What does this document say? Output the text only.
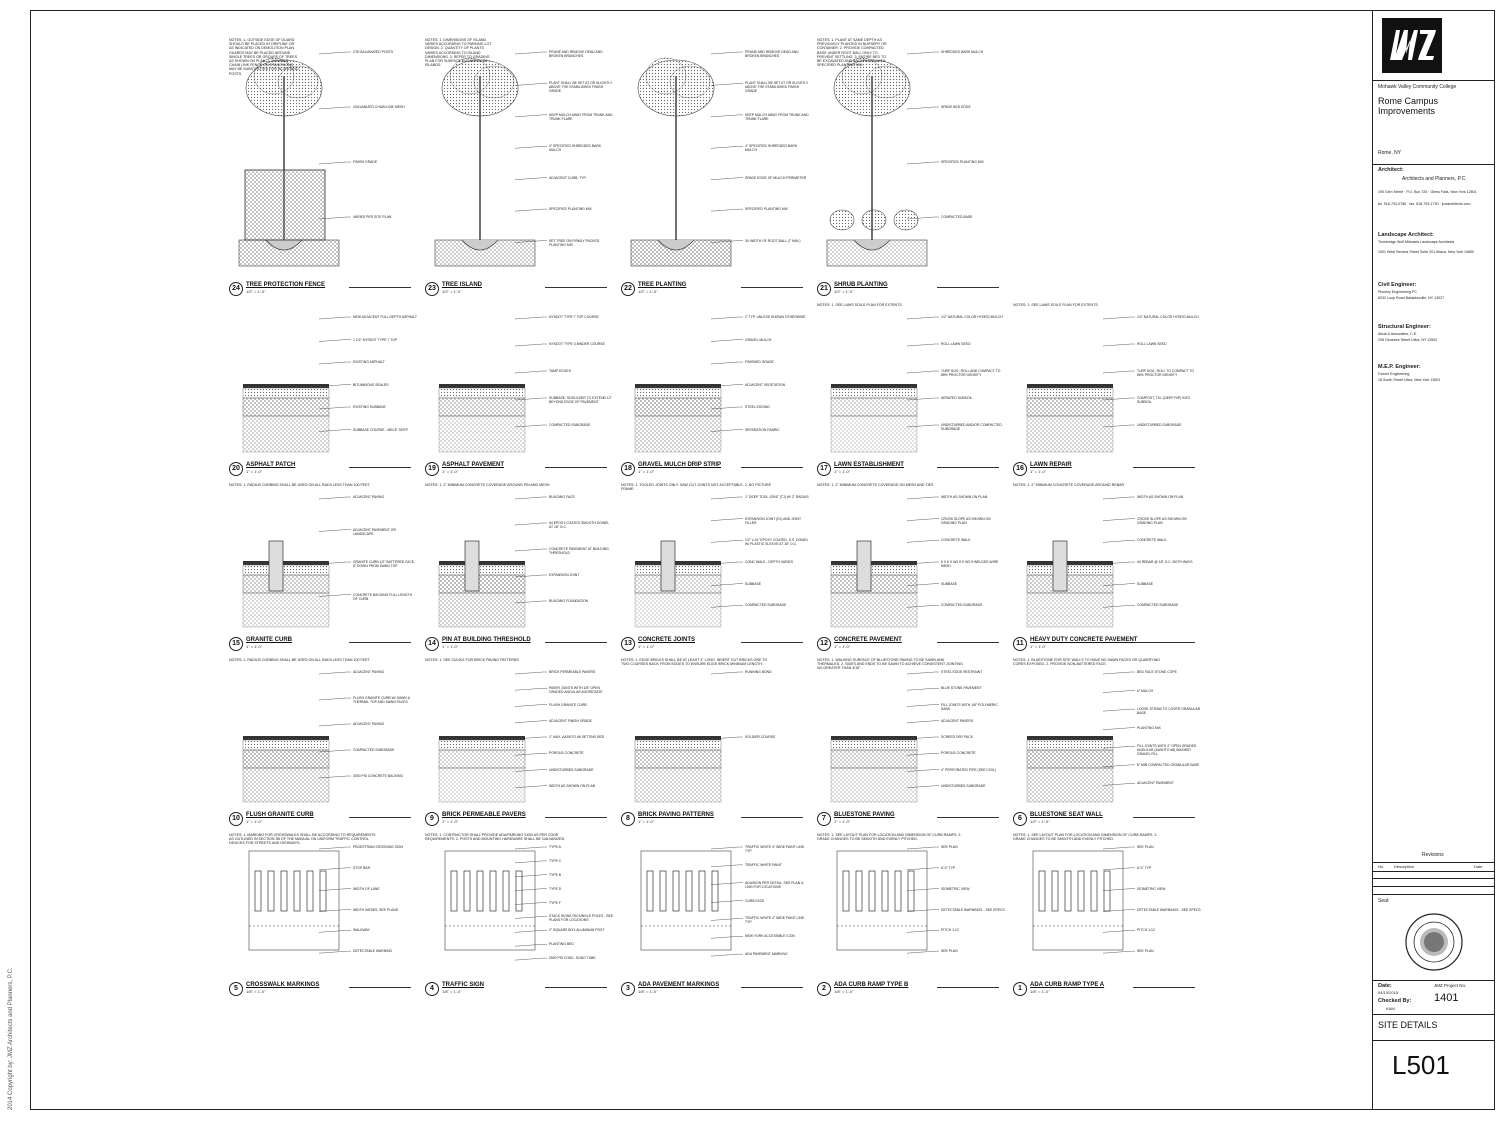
2014 Copyright by: JMZ Architects and Planners, P.C.
NOTES: 1. OUTSIDE EDGE OF GUARD SHOULD BE PLACED AT DRIPLINE OR AS INDICATED ON DEMOLITION PLAN. GUARDS MAY BE PLACED AROUND SINGLE TREES OR GROUPS OF TREES AS SHOWN ON PLAN. 2. MOVABLE CHAIN LINK FENCE ON STANCHIONS MAY BE SUBSTITUTED FOR IN-GROUND POSTS.
2"Ø GALVANIZED POSTS
GALVANIZED CHAIN LINK MESH
FINISH GRADE
VARIES PER SITE PLAN
24	TREE PROTECTION FENCE
1/2" = 1'-0"
NOTES: 1. DIMENSIONS OF ISLAND VARIES ACCORDING TO PARKING LOT DESIGN. 2. QUANTITY OF PLANTS VARIES ACCORDING TO ISLAND DIMENSIONS. 3. REFER TO GRADING PLAN FOR SURFACE ELEVATION OF ISLANDS.
PRUNE AND REMOVE DEAD AND BROKEN BRANCHES
PLANT SHALL BE SET AT OR SLIGHTLY ABOVE THE STABILISHED FINISH GRADE
KEEP MULCH AWAY FROM TRUNK AND TRUNK FLARE
4" SPECIFIED SHREDDED BARK MULCH
ADJACENT CURB, TYP.
SPECIFIED PLANTING MIX
SET TREE ON FIRMLY PACKED PLANTING MIX
23	TREE ISLAND
1/2" = 1'-0"
PRUNE AND REMOVE DEAD AND BROKEN BRANCHES
PLANT SHALL BE SET AT OR SLIGHTLY ABOVE THE STABILISHED FINISH GRADE
KEEP MULCH AWAY FROM TRUNK AND TRUNK FLARE
4" SPECIFIED SHREDDED BARK MULCH
SPADE EDGE OF MULCH PERIMETER
SPECIFIED PLANTING MIX
3X WIDTH OF ROOT BALL (7' MIN.)
22	TREE PLANTING
1/2" = 1'-0"
NOTES: 1. PLANT AT SAME DEPTH AS PREVIOUSLY PLANTED IN NURSERY OR CONTAINER. 2. PROVIDE COMPACTED BASE UNDER ROOT BALL ONLY TO PREVENT SETTLING. 3. ENTIRE BED TO BE EXCAVATED AND BACKFILLED WITH SPECIFIED PLANTING MIX.
SHREDDED BARK MULCH
SPADE BED EDGE
SPECIFIED PLANTING MIX
COMPACTED BASE
21	SHRUB PLANTING
1/2" = 1'-0"
NEW ADJACENT FULL DEPTH ASPHALT
1 1/2" NYSDOT TYPE 7 TOP
EXISTING ASPHALT
BITUMINOUS SEALER
EXISTING SUBBASE
SUBBASE COURSE - MIN 8" DEEP
20	ASPHALT PATCH
1" = 1'-0"
NYSDOT TYPE 7 TOP COURSE
NYSDOT TYPE 3 BINDER COURSE
TAMP EDGES
SUBBASE, SHOULDER TO EXTEND 12" BEYOND EDGE OF PAVEMENT
COMPACTED SUBGRADE
19	ASPHALT PAVEMENT
1" = 1'-0"
2' TYP. UNLESS SHOWN OTHERWISE
GRAVEL MULCH
FINISHED GRADE
ADJACENT VEGETATION
STEEL EDGING
SEPARATION FABRIC
18	GRAVEL MULCH DRIP STRIP
1" = 1'-0"
NOTES: 1. SEE LAWS SOILS PLAN FOR EXTENTS.
1/2" NATURAL COLOR HYDRO-MULCH
ROLL LAWN SEED
TURF SOIL; ROLL AND COMPACT TO 85% PROCTOR DENSITY
AERATED SUBSOIL
UNDISTURBED AND/OR COMPACTED SUBGRADE
17	LAWN ESTABLISHMENT
1" = 1'-0"
NOTES: 1. SEE LAWS SOILS PLAN FOR EXTENTS.
1/2" NATURAL COLOR HYDRO-MULCH
ROLL LAWN SEED
TURF SOIL; ROLL TO COMPACT TO 85% PROCTOR DENSITY
COMPOST, TILL (DEEP RIP) INTO SUBSOIL
UNDISTURBED SUBGRADE
16	LAWN REPAIR
1" = 1'-0"
NOTES: 1. RADIUS CURBING SHALL BE USED ON ALL RADII LESS THAN 100 FEET.
ADJACENT PAVING
ADJACENT PAVEMENT OR LANDSCAPE
GRANITE CURB 1/2" BATTERED FACE, 6" DOWN FROM SAWN TOP
CONCRETE BACKING FULL LENGTH OF CURB
15	GRANITE CURB
1" = 1'-0"
NOTES: 1. 2" MINIMUM CONCRETE COVERAGE AROUND PIN AND MESH
BUILDING FACE
#4 EPOXY-COATED SMOOTH DOWEL AT 18" O.C.
CONCRETE PAVEMENT AT BUILDING THRESHOLD
EXPANSION JOINT
BUILDING FOUNDATION
14	PIN AT BUILDING THRESHOLD
1" = 1'-0"
NOTES: 1. TOOLED JOINTS ONLY. SAW CUT JOINTS NOT ACCEPTABLE. 2. NO PICTURE FRAME.
1" DEEP TOOL JOINT (TJ) W/ 2" RADIUS
EXPANSION JOINT (EJ) AND JOINT FILLER
1/2" x 24" EPOXY COATED, S.S. DOWEL W/ PLASTIC SLEEVE AT 18" O.C.
CONC WALK - DEPTH VARIES
SUBBASE
COMPACTED SUBGRADE
13	CONCRETE JOINTS
1" = 1'-0"
NOTES: 1. 2" MINIMUM CONCRETE COVERAGE ON MESH AND TIES
WIDTH AS SHOWN ON PLAN
CROSS SLOPE AS SHOWN ON GRADING PLAN
CONCRETE WALK
6 X 6 X W2.9 X W2.9 WELDED WIRE MESH
SUBBASE
COMPACTED SUBGRADE
12	CONCRETE PAVEMENT
1" = 1'-0"
NOTES: 1. 2" MINIMUM CONCRETE COVERAGE AROUND REBAR
WIDTH AS SHOWN ON PLAN
CROSS SLOPE AS SHOWN ON GRADING PLAN
CONCRETE WALK
#4 REBAR @ 18" O.C. BOTH WAYS
SUBBASE
COMPACTED SUBGRADE
11	HEAVY DUTY CONCRETE PAVEMENT
1" = 1'-0"
NOTES: 1. RADIUS CURBING SHALL BE USED ON ALL RADII LESS THAN 100 FEET.
ADJACENT PAVING
FLUSH GRANITE CURB W/ SAWN & THERMAL TOP AND SAWN FACES
ADJACENT PAVING
COMPACTED SUBGRADE
3000 PSI CONCRETE BACKING
10	FLUSH GRANITE CURB
1" = 1'-0"
NOTES: 1. SEE 22/L501 FOR BRICK PAVING PATTERNS
BRICK PERMEABLE PAVERS
PAVER JOINTS WITH 1/8" OPEN GRADED ANGULAR AGGREGATE
FLUSH GRANITE CURB
ADJACENT FINISH GRADE
1" MAX. AASHTO #8 SETTING BED
POROUS CONCRETE
UNDISTURBED SUBGRADE
WIDTH AS SHOWN ON PLAN
9	BRICK PERMEABLE PAVERS
1" = 1'-0"
NOTES: 1. EDGE BRICKS SHALL BE AT LEAST 4" LONG. INSERT CUT BRICKS ONE TO TWO COURSES BACK FROM EDGES TO ENSURE EDGE BRICK MINIMUM LENGTH.
RUNNING BOND
SOLDIER COURSE
8	BRICK PAVING PATTERNS
1" = 1'-0"
NOTES: 1. WALKING SURFACE OF BLUESTONE PAVING TO BE SAWN AND THERMALED. 2. SIDES AND ENDS TO BE SAWN TO ACHIEVE CONSISTENT JOINTING NO GREATER THAN 3/16".
STEEL EDGE RESTRAINT
BLUE STONE PAVEMENT
FILL JOINTS WITH 1/8" POLYMERIC SAND
ADJACENT PAVERS
SCREED DRY PACK
POROUS CONCRETE
4" PERFORATED PIPE (SEE CIVIL)
UNDISTURBED SUBGRADE
7	BLUESTONE PAVING
1" = 1'-0"
NOTES: 1. BLUESTONE FOR SITE WALLS TO HAVE NO SAWN FACES OR QUARRYING CORES EXPOSED. 2. PROVIDE NON-BATTERED FACE.
BED FACE STONE COPE
6" MULCH
LOOSE STRAW TO COVER GRANULAR BASE
PLANTING MIX
FILL JOINTS WITH 2" OPEN GRADED ANGULAR (AASHTO #8) WASHED GRAVEL FILL
8" MIN COMPACTED GRANULAR BASE
ADJACENT PAVEMENT
6	BLUESTONE SEAT WALL
1/2" = 1'-0"
NOTES: 1. MARKING FOR CROSSWALKS SHALL BE ACCORDING TO REQUIREMENTS AS OUTLINED IN SECTION 3B OF THE MANUAL ON UNIFORM TRAFFIC CONTROL DEVICES FOR STREETS AND HIGHWAYS.
PEDESTRIAN CROSSING SIGN
STOP BAR
WIDTH OF LANE
WIDTH VARIES, SEE PLANS
WALKWAY
DETECTABLE WARNING
5	CROSSWALK MARKINGS
1/8" = 1'-0"
NOTES: 1. CONTRACTOR SHALL PROVIDE ADA/PARKING SIGN AS PER CODE REQUIREMENTS. 2. POSTS AND MOUNTING HARDWARE SHALL BE GALVANIZED.
TYPE A
TYPE C
TYPE B
TYPE D
TYPE F
STACK SIGNS ON SINGLE POLES - SEE PLANS FOR LOCATIONS
2" SQUARE BOX ALUMINUM POST
PLANTING BED
2500 PSI CONC. SONO TUBE
4	TRAFFIC SIGN
1/8" = 1'-0"
TRAFFIC WHITE 4" WIDE PAINT LINE, TYP.
TRAFFIC WHITE PAINT
ADA/SIGN PER DETAIL, SEE PLAN & L500 FOR LOCATIONS
CURB FACE
TRAFFIC WHITE 4" WIDE PAINT LINE, TYP.
NEW YORK ACCESSIBLE ICON
ADA PAVEMENT MARKING
3	ADA PAVEMENT MARKINGS
1/8" = 1'-0"
NOTES: 1. SEE LAYOUT PLAN FOR LOCATION AND DIMENSION OF CURB RAMPS. 2. GRADE CHANGES TO BE SMOOTH AND EVENLY PITCHED.
SEE PLAN
6'-0" TYP
ISOMETRIC VIEW
DETECTABLE WARNINGS - SEE SPECS
PITCH 1:12
SEE PLAN
2	ADA CURB RAMP TYPE B
1/8" = 1'-0"
NOTES: 1. SEE LAYOUT PLAN FOR LOCATION AND DIMENSION OF CURB RAMPS. 2. GRADE CHANGES TO BE SMOOTH AND EVENLY PITCHED.
SEE PLAN
6'-0" TYP
ISOMETRIC VIEW
DETECTABLE WARNINGS - SEE SPECS
PITCH 1:12
SEE PLAN
1	ADA CURB RAMP TYPE A
1/8" = 1'-0"
Mohawk Valley Community College
Rome Campus
Improvements
Rome, NY
Architect:
Architects and Planners, P.C.
190 Glen Street · P.O. Box 725 · Glens Falls, New York 12801
tel. 518-793-0786 · fax. 518-793-1730 · jmzarchitects.com
Landscape Architect:
Trowbridge Wolf Michaels Landscape Architects
1001 West Seneca Street Suite 201 Ithaca, New York 14850
Civil Engineer:
Plumley Engineering PC
8232 Loop Road Baldwinsville, NY 13027
Structural Engineer:
Alicia & Associates, C.E.
208 Genesee Street Utica, NY 13502
M.E.P. Engineer:
Foeme Engineering
18 South Street Utica, New York 13501
Revisions
No. Description	Date
Seal:
Date:
04/13/2015
JMZ Project No.
1401
Checked By:
KAM
SITE DETAILS
L501
